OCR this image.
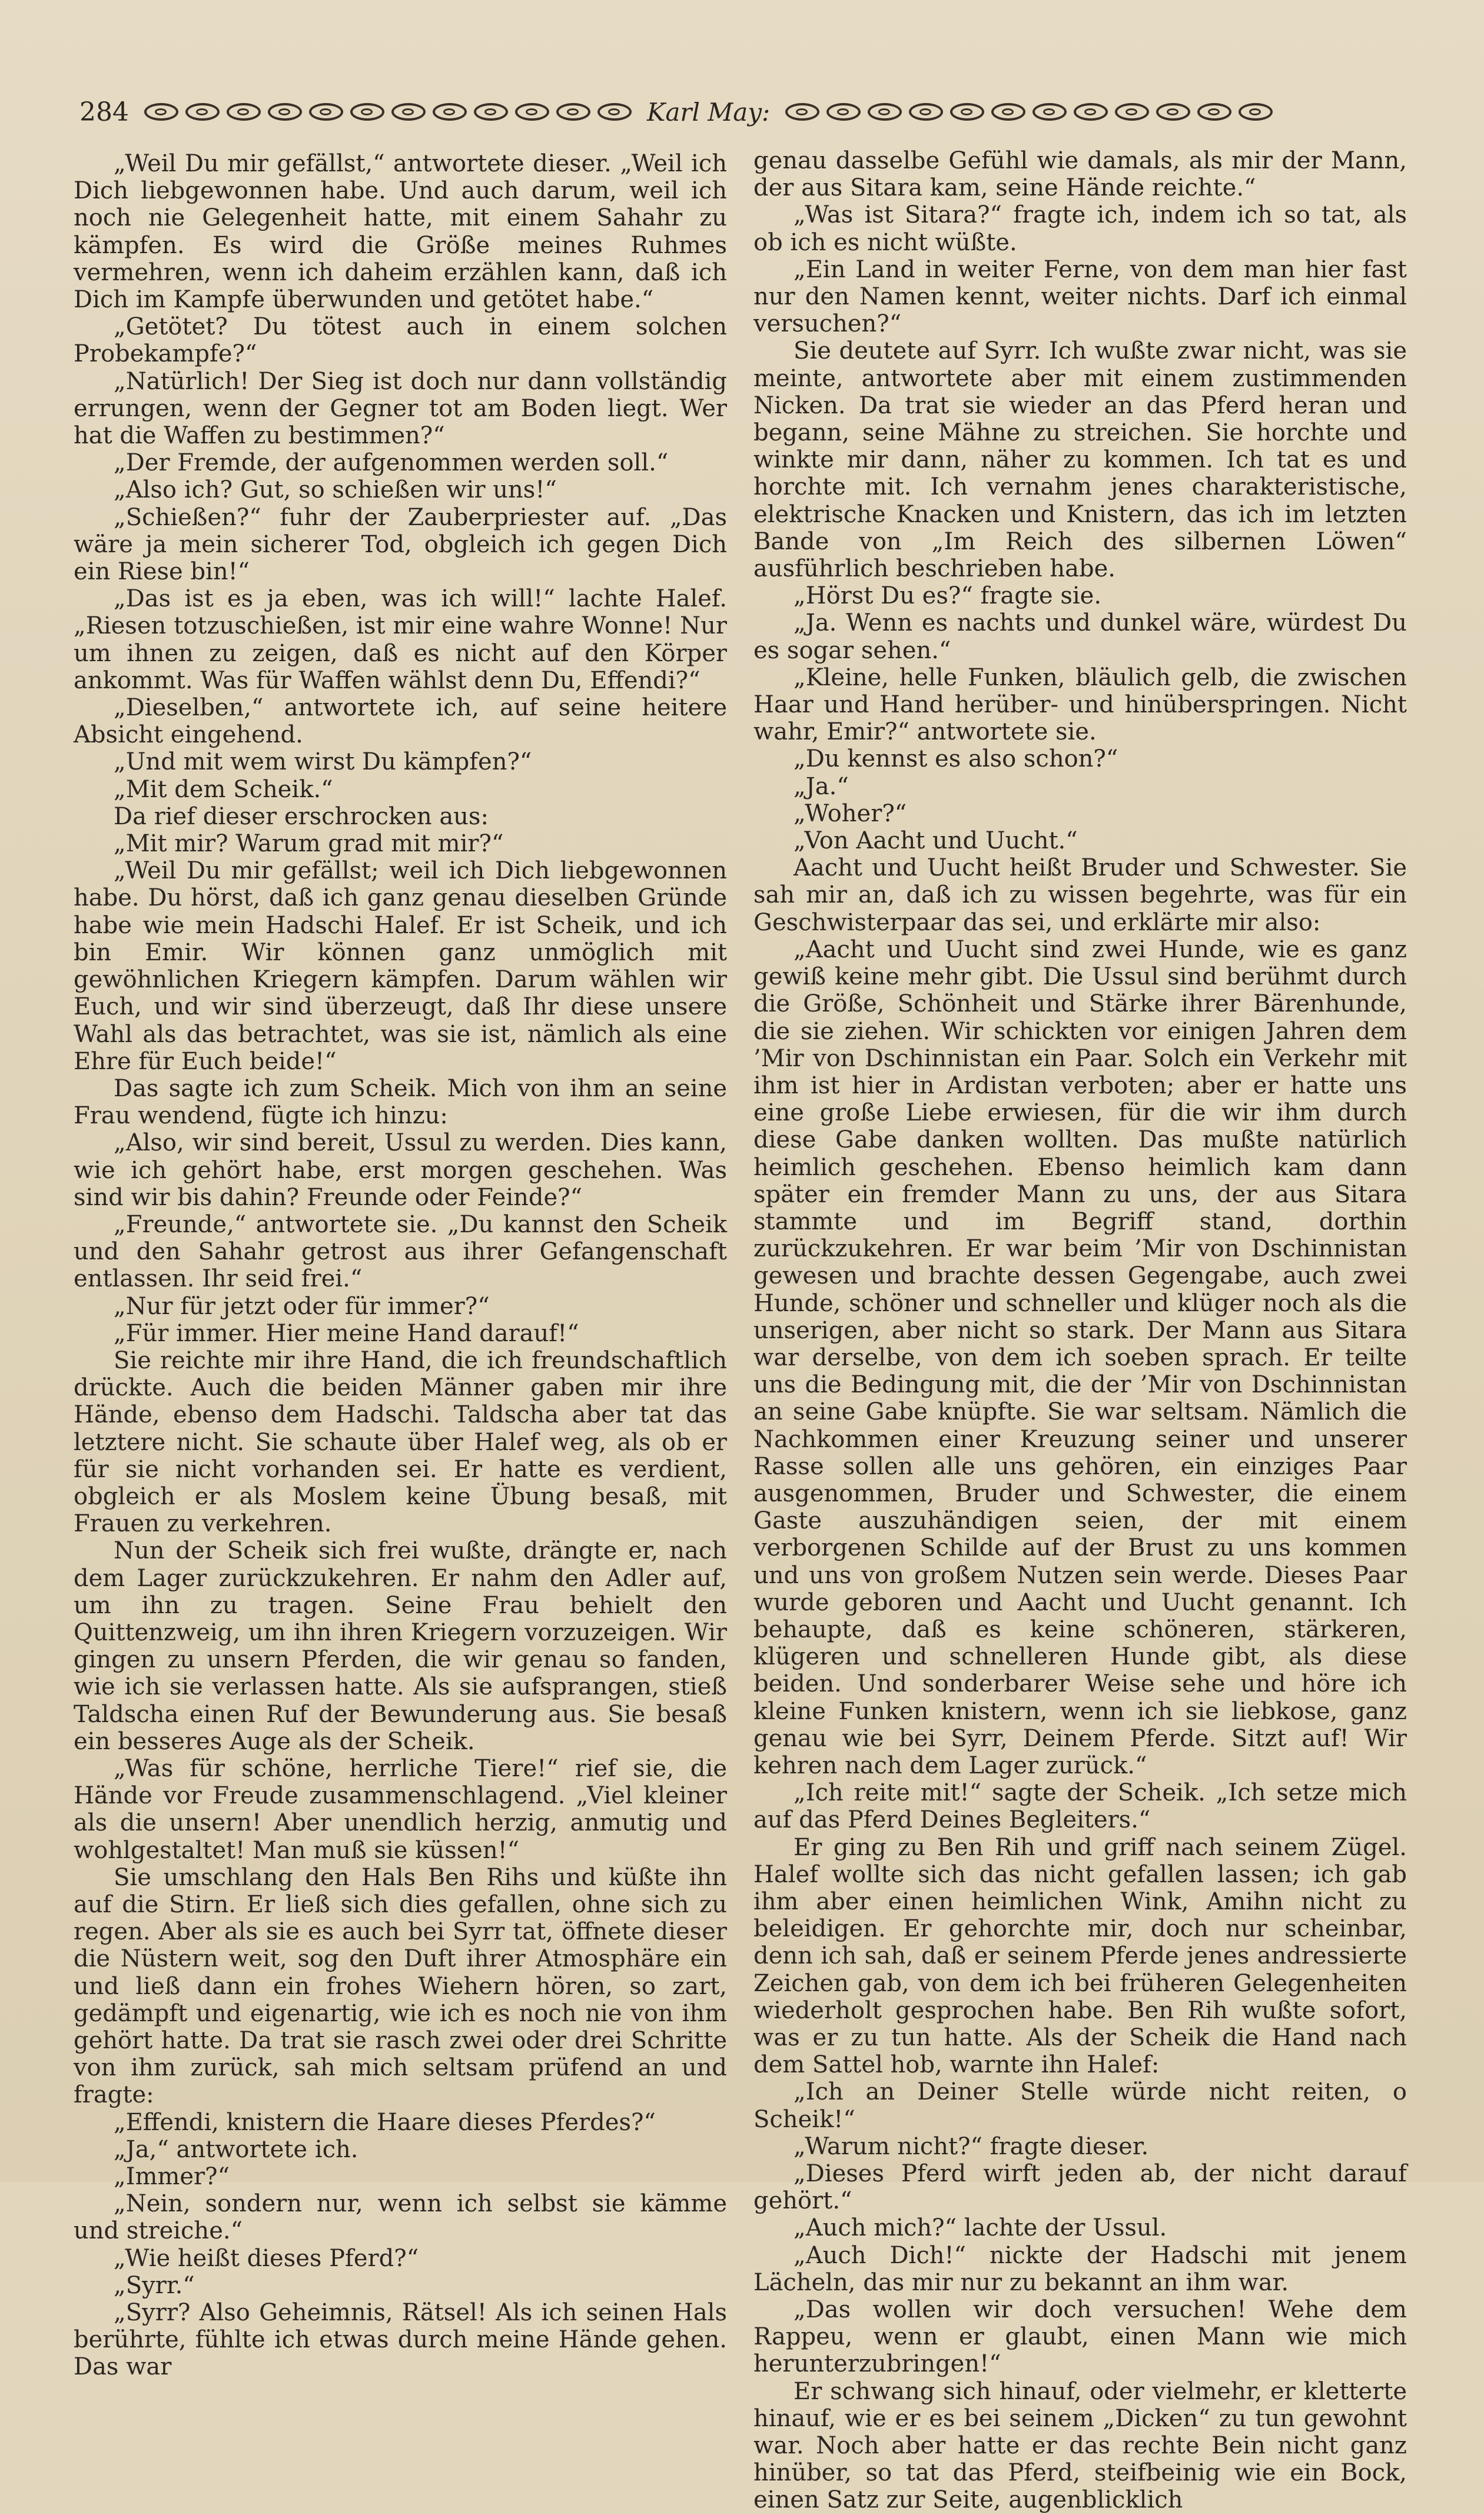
284	Karl May:

„Weil Du mir gefällst,“ antwortete dieser. „Weil ich Dich liebgewonnen habe. Und auch darum, weil ich noch nie Gelegenheit hatte, mit einem Sahahr zu kämpfen. Es wird die Größe meines Ruhmes vermehren, wenn ich daheim erzählen kann, daß ich Dich im Kampfe überwunden und getötet habe.“

„Getötet? Du tötest auch in einem solchen Probekampfe?“

„Natürlich! Der Sieg ist doch nur dann vollständig errungen, wenn der Gegner tot am Boden liegt. Wer hat die Waffen zu bestimmen?“

„Der Fremde, der aufgenommen werden soll.“

„Also ich? Gut, so schießen wir uns!“

„Schießen?“ fuhr der Zauberpriester auf. „Das wäre ja mein sicherer Tod, obgleich ich gegen Dich ein Riese bin!“

„Das ist es ja eben, was ich will!“ lachte Halef. „Riesen totzuschießen, ist mir eine wahre Wonne! Nur um ihnen zu zeigen, daß es nicht auf den Körper ankommt. Was für Waffen wählst denn Du, Effendi?“

„Dieselben,“ antwortete ich, auf seine heitere Absicht eingehend.

„Und mit wem wirst Du kämpfen?“

„Mit dem Scheik.“

Da rief dieser erschrocken aus:

„Mit mir? Warum grad mit mir?“

„Weil Du mir gefällst; weil ich Dich liebgewonnen habe. Du hörst, daß ich ganz genau dieselben Gründe habe wie mein Hadschi Halef. Er ist Scheik, und ich bin Emir. Wir können ganz unmöglich mit gewöhnlichen Kriegern kämpfen. Darum wählen wir Euch, und wir sind überzeugt, daß Ihr diese unsere Wahl als das betrachtet, was sie ist, nämlich als eine Ehre für Euch beide!“

Das sagte ich zum Scheik. Mich von ihm an seine Frau wendend, fügte ich hinzu:

„Also, wir sind bereit, Ussul zu werden. Dies kann, wie ich gehört habe, erst morgen geschehen. Was sind wir bis dahin? Freunde oder Feinde?“

„Freunde,“ antwortete sie. „Du kannst den Scheik und den Sahahr getrost aus ihrer Gefangenschaft entlassen. Ihr seid frei.“

„Nur für jetzt oder für immer?“

„Für immer. Hier meine Hand darauf!“

Sie reichte mir ihre Hand, die ich freundschaftlich drückte. Auch die beiden Männer gaben mir ihre Hände, ebenso dem Hadschi. Taldscha aber tat das letztere nicht. Sie schaute über Halef weg, als ob er für sie nicht vorhanden sei. Er hatte es verdient, obgleich er als Moslem keine Übung besaß, mit Frauen zu verkehren.

Nun der Scheik sich frei wußte, drängte er, nach dem Lager zurückzukehren. Er nahm den Adler auf, um ihn zu tragen. Seine Frau behielt den Quittenzweig, um ihn ihren Kriegern vorzuzeigen. Wir gingen zu unsern Pferden, die wir genau so fanden, wie ich sie verlassen hatte. Als sie aufsprangen, stieß Taldscha einen Ruf der Bewunderung aus. Sie besaß ein besseres Auge als der Scheik.

„Was für schöne, herrliche Tiere!“ rief sie, die Hände vor Freude zusammenschlagend. „Viel kleiner als die unsern! Aber unendlich herzig, anmutig und wohlgestaltet! Man muß sie küssen!“

Sie umschlang den Hals Ben Rihs und küßte ihn auf die Stirn. Er ließ sich dies gefallen, ohne sich zu regen. Aber als sie es auch bei Syrr tat, öffnete dieser die Nüstern weit, sog den Duft ihrer Atmosphäre ein und ließ dann ein frohes Wiehern hören, so zart, gedämpft und eigenartig, wie ich es noch nie von ihm gehört hatte. Da trat sie rasch zwei oder drei Schritte von ihm zurück, sah mich seltsam prüfend an und fragte:

„Effendi, knistern die Haare dieses Pferdes?“

„Ja,“ antwortete ich.

„Immer?“

„Nein, sondern nur, wenn ich selbst sie kämme und streiche.“

„Wie heißt dieses Pferd?“

„Syrr.“

„Syrr? Also Geheimnis, Rätsel! Als ich seinen Hals berührte, fühlte ich etwas durch meine Hände gehen. Das war

genau dasselbe Gefühl wie damals, als mir der Mann, der aus Sitara kam, seine Hände reichte.“

„Was ist Sitara?“ fragte ich, indem ich so tat, als ob ich es nicht wüßte.

„Ein Land in weiter Ferne, von dem man hier fast nur den Namen kennt, weiter nichts. Darf ich einmal versuchen?“

Sie deutete auf Syrr. Ich wußte zwar nicht, was sie meinte, antwortete aber mit einem zustimmenden Nicken. Da trat sie wieder an das Pferd heran und begann, seine Mähne zu streichen. Sie horchte und winkte mir dann, näher zu kommen. Ich tat es und horchte mit. Ich vernahm jenes charakteristische, elektrische Knacken und Knistern, das ich im letzten Bande von „Im Reich des silbernen Löwen“ ausführlich beschrieben habe.

„Hörst Du es?“ fragte sie.

„Ja. Wenn es nachts und dunkel wäre, würdest Du es sogar sehen.“

„Kleine, helle Funken, bläulich gelb, die zwischen Haar und Hand herüber- und hinüberspringen. Nicht wahr, Emir?“ antwortete sie.

„Du kennst es also schon?“

„Ja.“

„Woher?“

„Von Aacht und Uucht.“

Aacht und Uucht heißt Bruder und Schwester. Sie sah mir an, daß ich zu wissen begehrte, was für ein Geschwisterpaar das sei, und erklärte mir also:

„Aacht und Uucht sind zwei Hunde, wie es ganz gewiß keine mehr gibt. Die Ussul sind berühmt durch die Größe, Schönheit und Stärke ihrer Bärenhunde, die sie ziehen. Wir schickten vor einigen Jahren dem ’Mir von Dschinnistan ein Paar. Solch ein Verkehr mit ihm ist hier in Ardistan verboten; aber er hatte uns eine große Liebe erwiesen, für die wir ihm durch diese Gabe danken wollten. Das mußte natürlich heimlich geschehen. Ebenso heimlich kam dann später ein fremder Mann zu uns, der aus Sitara stammte und im Begriff stand, dorthin zurückzukehren. Er war beim ’Mir von Dschinnistan gewesen und brachte dessen Gegengabe, auch zwei Hunde, schöner und schneller und klüger noch als die unserigen, aber nicht so stark. Der Mann aus Sitara war derselbe, von dem ich soeben sprach. Er teilte uns die Bedingung mit, die der ’Mir von Dschinnistan an seine Gabe knüpfte. Sie war seltsam. Nämlich die Nachkommen einer Kreuzung seiner und unserer Rasse sollen alle uns gehören, ein einziges Paar ausgenommen, Bruder und Schwester, die einem Gaste auszuhändigen seien, der mit einem verborgenen Schilde auf der Brust zu uns kommen und uns von großem Nutzen sein werde. Dieses Paar wurde geboren und Aacht und Uucht genannt. Ich behaupte, daß es keine schöneren, stärkeren, klügeren und schnelleren Hunde gibt, als diese beiden. Und sonderbarer Weise sehe und höre ich kleine Funken knistern, wenn ich sie liebkose, ganz genau wie bei Syrr, Deinem Pferde. Sitzt auf! Wir kehren nach dem Lager zurück.“

„Ich reite mit!“ sagte der Scheik. „Ich setze mich auf das Pferd Deines Begleiters.“

Er ging zu Ben Rih und griff nach seinem Zügel. Halef wollte sich das nicht gefallen lassen; ich gab ihm aber einen heimlichen Wink, Amihn nicht zu beleidigen. Er gehorchte mir, doch nur scheinbar, denn ich sah, daß er seinem Pferde jenes andressierte Zeichen gab, von dem ich bei früheren Gelegenheiten wiederholt gesprochen habe. Ben Rih wußte sofort, was er zu tun hatte. Als der Scheik die Hand nach dem Sattel hob, warnte ihn Halef:

„Ich an Deiner Stelle würde nicht reiten, o Scheik!“

„Warum nicht?“ fragte dieser.

„Dieses Pferd wirft jeden ab, der nicht darauf gehört.“

„Auch mich?“ lachte der Ussul.

„Auch Dich!“ nickte der Hadschi mit jenem Lächeln, das mir nur zu bekannt an ihm war.

„Das wollen wir doch versuchen! Wehe dem Rappeu, wenn er glaubt, einen Mann wie mich herunterzubringen!“

Er schwang sich hinauf, oder vielmehr, er kletterte hinauf, wie er es bei seinem „Dicken“ zu tun gewohnt war. Noch aber hatte er das rechte Bein nicht ganz hinüber, so tat das Pferd, steifbeinig wie ein Bock, einen Satz zur Seite, augenblicklich
